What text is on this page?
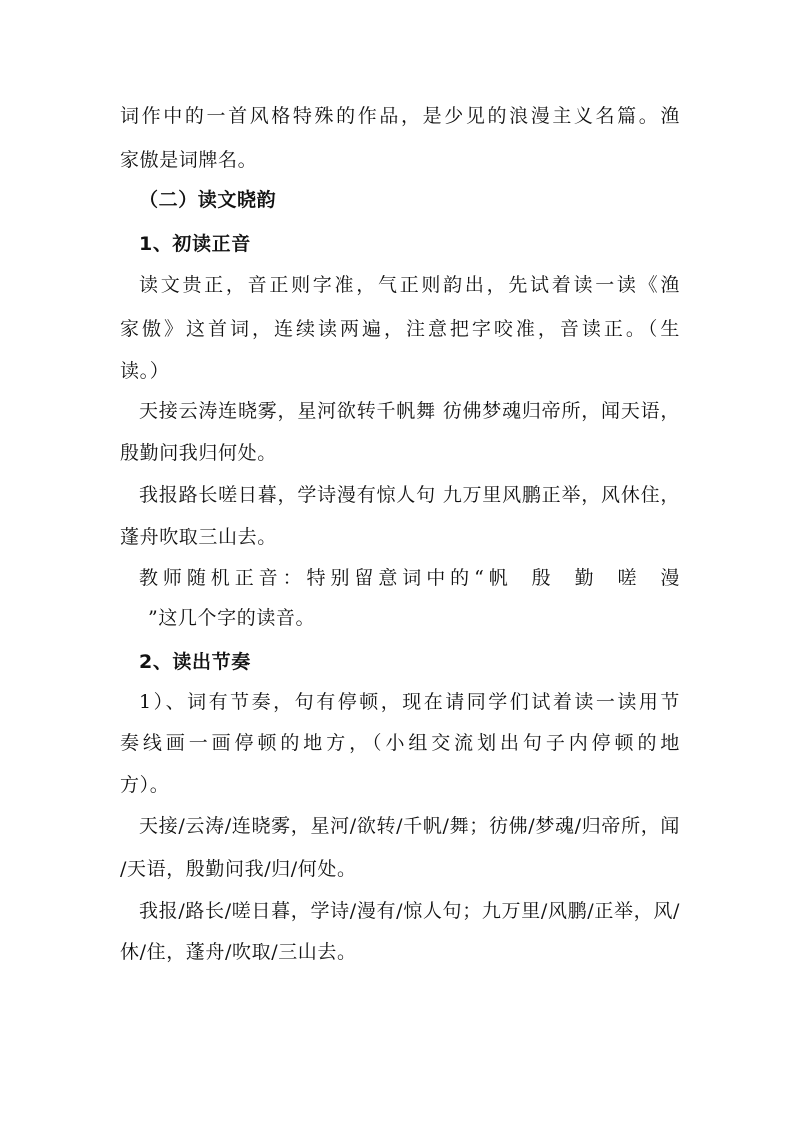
词作中的一首风格特殊的作品，是少见的浪漫主义名篇。渔
家傲是词牌名。
（二）读文晓韵
1、初读正音
读文贵正，音正则字准，气正则韵出，先试着读一读《渔
家傲》这首词，连续读两遍，注意把字咬准，音读正。（生
读。）
天接云涛连晓雾，星河欲转千帆舞 彷佛梦魂归帝所，闻天语，
殷勤问我归何处。
我报路长嗟日暮，学诗漫有惊人句 九万里风鹏正举，风休住，
蓬舟吹取三山去。
教师随机正音：特别留意词中的“帆 殷 勤 嗟 漫
”这几个字的读音。
2、读出节奏
1）、词有节奏，句有停顿，现在请同学们试着读一读用节
奏线画一画停顿的地方，（小组交流划出句子内停顿的地
方）。
天接/云涛/连晓雾，星河/欲转/千帆/舞；彷佛/梦魂/归帝所，闻
/天语，殷勤问我/归/何处。
我报/路长/嗟日暮，学诗/漫有/惊人句；九万里/风鹏/正举，风/
休/住，蓬舟/吹取/三山去。
